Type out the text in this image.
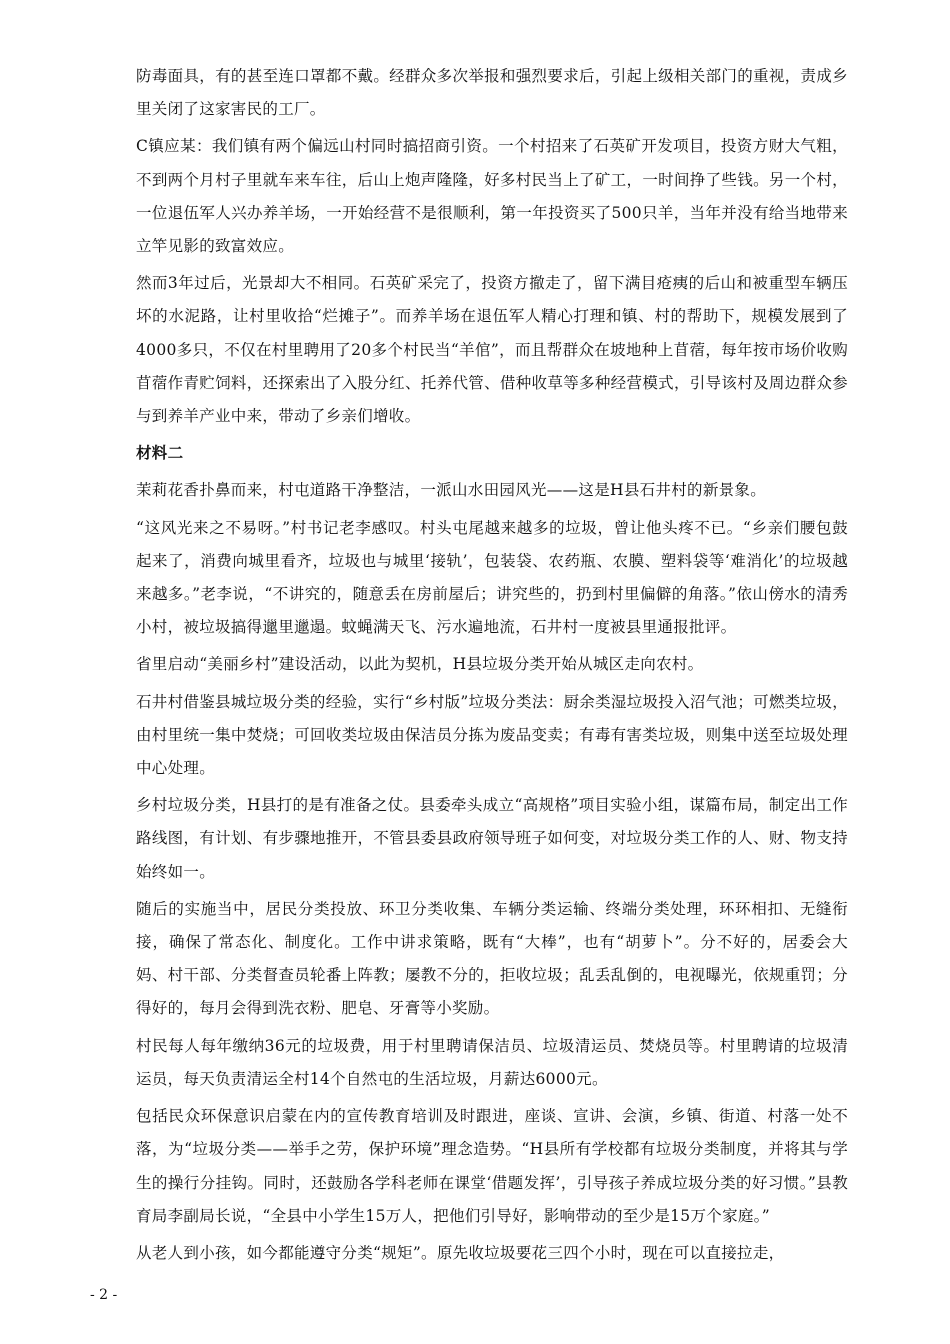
防毒面具，有的甚至连口罩都不戴。经群众多次举报和强烈要求后，引起上级相关部门的重视，责成乡里关闭了这家害民的工厂。

C镇应某：我们镇有两个偏远山村同时搞招商引资。一个村招来了石英矿开发项目，投资方财大气粗，不到两个月村子里就车来车往，后山上炮声隆隆，好多村民当上了矿工，一时间挣了些钱。另一个村，一位退伍军人兴办养羊场，一开始经营不是很顺利，第一年投资买了500只羊，当年并没有给当地带来立竿见影的致富效应。

然而3年过后，光景却大不相同。石英矿采完了，投资方撤走了，留下满目疮痍的后山和被重型车辆压坏的水泥路，让村里收拾“烂摊子”。而养羊场在退伍军人精心打理和镇、村的帮助下，规模发展到了4000多只，不仅在村里聘用了20多个村民当“羊倌”，而且帮群众在坡地种上苜蓿，每年按市场价收购苜蓿作青贮饲料，还探索出了入股分红、托养代管、借种收草等多种经营模式，引导该村及周边群众参与到养羊产业中来，带动了乡亲们增收。

材料二

茉莉花香扑鼻而来，村屯道路干净整洁，一派山水田园风光——这是H县石井村的新景象。

“这风光来之不易呀。”村书记老李感叹。村头屯尾越来越多的垃圾，曾让他头疼不已。“乡亲们腰包鼓起来了，消费向城里看齐，垃圾也与城里‘接轨’，包装袋、农药瓶、农膜、塑料袋等‘难消化’的垃圾越来越多。”老李说，“不讲究的，随意丢在房前屋后；讲究些的，扔到村里偏僻的角落。”依山傍水的清秀小村，被垃圾搞得邋里邋遢。蚊蝇满天飞、污水遍地流，石井村一度被县里通报批评。

省里启动“美丽乡村”建设活动，以此为契机，H县垃圾分类开始从城区走向农村。

石井村借鉴县城垃圾分类的经验，实行“乡村版”垃圾分类法：厨余类湿垃圾投入沼气池；可燃类垃圾，由村里统一集中焚烧；可回收类垃圾由保洁员分拣为废品变卖；有毒有害类垃圾，则集中送至垃圾处理中心处理。

乡村垃圾分类，H县打的是有准备之仗。县委牵头成立“高规格”项目实验小组，谋篇布局，制定出工作路线图，有计划、有步骤地推开，不管县委县政府领导班子如何变，对垃圾分类工作的人、财、物支持始终如一。

随后的实施当中，居民分类投放、环卫分类收集、车辆分类运输、终端分类处理，环环相扣、无缝衔接，确保了常态化、制度化。工作中讲求策略，既有“大棒”，也有“胡萝卜”。分不好的，居委会大妈、村干部、分类督查员轮番上阵教；屡教不分的，拒收垃圾；乱丢乱倒的，电视曝光，依规重罚；分得好的，每月会得到洗衣粉、肥皂、牙膏等小奖励。

村民每人每年缴纳36元的垃圾费，用于村里聘请保洁员、垃圾清运员、焚烧员等。村里聘请的垃圾清运员，每天负责清运全村14个自然屯的生活垃圾，月薪达6000元。

包括民众环保意识启蒙在内的宣传教育培训及时跟进，座谈、宣讲、会演，乡镇、街道、村落一处不落，为“垃圾分类——举手之劳，保护环境”理念造势。“H县所有学校都有垃圾分类制度，并将其与学生的操行分挂钩。同时，还鼓励各学科老师在课堂‘借题发挥’，引导孩子养成垃圾分类的好习惯。”县教育局李副局长说，“全县中小学生15万人，把他们引导好，影响带动的至少是15万个家庭。”

从老人到小孩，如今都能遵守分类“规矩”。原先收垃圾要花三四个小时，现在可以直接拉走，

- 2 -
